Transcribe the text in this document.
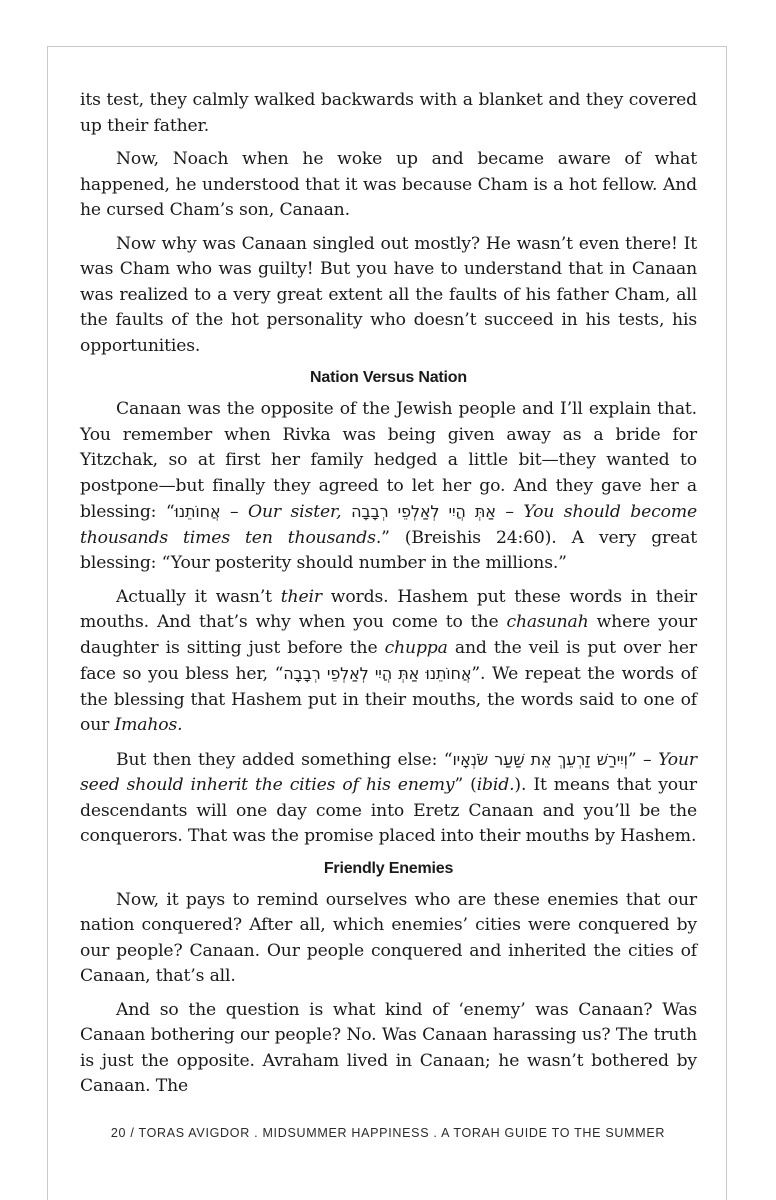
its test, they calmly walked backwards with a blanket and they covered up their father.

Now, Noach when he woke up and became aware of what happened, he understood that it was because Cham is a hot fellow. And he cursed Cham’s son, Canaan.

Now why was Canaan singled out mostly? He wasn’t even there! It was Cham who was guilty! But you have to understand that in Canaan was realized to a very great extent all the faults of his father Cham, all the faults of the hot personality who doesn’t succeed in his tests, his opportunities.

Nation Versus Nation

Canaan was the opposite of the Jewish people and I’ll explain that. You remember when Rivka was being given away as a bride for Yitzchak, so at first her family hedged a little bit—they wanted to postpone—but finally they agreed to let her go. And they gave her a blessing: “אֲחוֹתֵנוּ – Our sister, אַתְּ הֲיִי לְאַלְפֵי רְבָבָה – You should become thousands times ten thousands.” (Breishis 24:60). A very great blessing: “Your posterity should number in the millions.”

Actually it wasn’t their words. Hashem put these words in their mouths. And that’s why when you come to the chasunah where your daughter is sitting just before the chuppa and the veil is put over her face so you bless her, “אֲחוֹתֵנוּ אַתְּ הֲיִי לְאַלְפֵי רְבָבָה”. We repeat the words of the blessing that Hashem put in their mouths, the words said to one of our Imahos.

But then they added something else: “וְיִירַשׁ זַרְעֵךְ אֵת שַׁעַר שֹׂנְאָיו” – Your seed should inherit the cities of his enemy” (ibid.). It means that your descendants will one day come into Eretz Canaan and you’ll be the conquerors. That was the promise placed into their mouths by Hashem.

Friendly Enemies

Now, it pays to remind ourselves who are these enemies that our nation conquered? After all, which enemies’ cities were conquered by our people? Canaan. Our people conquered and inherited the cities of Canaan, that’s all.

And so the question is what kind of ‘enemy’ was Canaan? Was Canaan bothering our people? No. Was Canaan harassing us? The truth is just the opposite. Avraham lived in Canaan; he wasn’t bothered by Canaan. The

20 / TORAS AVIGDOR . MIDSUMMER HAPPINESS . A TORAH GUIDE TO THE SUMMER
